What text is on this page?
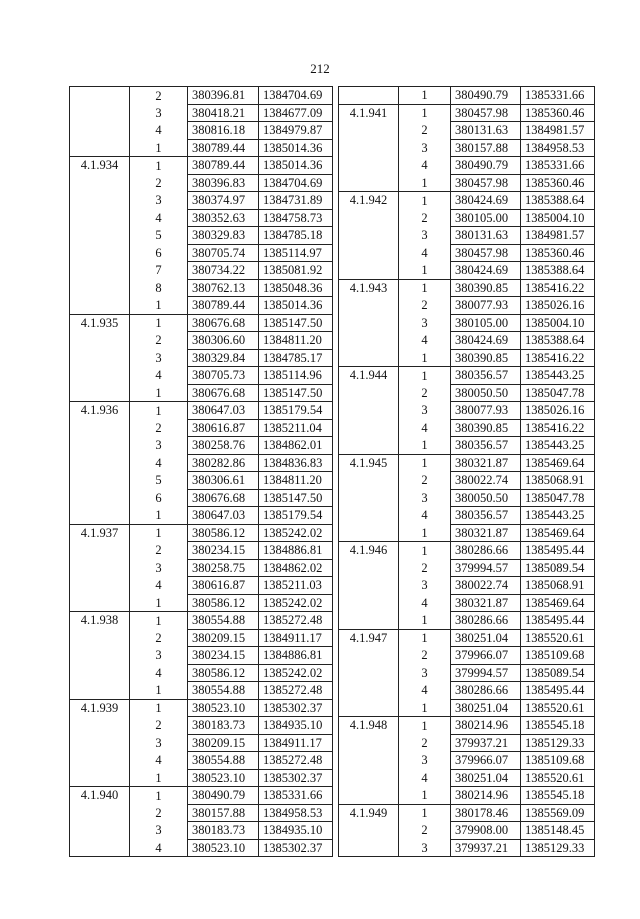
212
	2	380396.81	1384704.69
	3	380418.21	1384677.09
	4	380816.18	1384979.87
	1	380789.44	1385014.36
4.1.934	1	380789.44	1385014.36
	2	380396.83	1384704.69
	3	380374.97	1384731.89
	4	380352.63	1384758.73
	5	380329.83	1384785.18
	6	380705.74	1385114.97
	7	380734.22	1385081.92
	8	380762.13	1385048.36
	1	380789.44	1385014.36
4.1.935	1	380676.68	1385147.50
	2	380306.60	1384811.20
	3	380329.84	1384785.17
	4	380705.73	1385114.96
	1	380676.68	1385147.50
4.1.936	1	380647.03	1385179.54
	2	380616.87	1385211.04
	3	380258.76	1384862.01
	4	380282.86	1384836.83
	5	380306.61	1384811.20
	6	380676.68	1385147.50
	1	380647.03	1385179.54
4.1.937	1	380586.12	1385242.02
	2	380234.15	1384886.81
	3	380258.75	1384862.02
	4	380616.87	1385211.03
	1	380586.12	1385242.02
4.1.938	1	380554.88	1385272.48
	2	380209.15	1384911.17
	3	380234.15	1384886.81
	4	380586.12	1385242.02
	1	380554.88	1385272.48
4.1.939	1	380523.10	1385302.37
	2	380183.73	1384935.10
	3	380209.15	1384911.17
	4	380554.88	1385272.48
	1	380523.10	1385302.37
4.1.940	1	380490.79	1385331.66
	2	380157.88	1384958.53
	3	380183.73	1384935.10
	4	380523.10	1385302.37
	1	380490.79	1385331.66
4.1.941	1	380457.98	1385360.46
	2	380131.63	1384981.57
	3	380157.88	1384958.53
	4	380490.79	1385331.66
	1	380457.98	1385360.46
4.1.942	1	380424.69	1385388.64
	2	380105.00	1385004.10
	3	380131.63	1384981.57
	4	380457.98	1385360.46
	1	380424.69	1385388.64
4.1.943	1	380390.85	1385416.22
	2	380077.93	1385026.16
	3	380105.00	1385004.10
	4	380424.69	1385388.64
	1	380390.85	1385416.22
4.1.944	1	380356.57	1385443.25
	2	380050.50	1385047.78
	3	380077.93	1385026.16
	4	380390.85	1385416.22
	1	380356.57	1385443.25
4.1.945	1	380321.87	1385469.64
	2	380022.74	1385068.91
	3	380050.50	1385047.78
	4	380356.57	1385443.25
	1	380321.87	1385469.64
4.1.946	1	380286.66	1385495.44
	2	379994.57	1385089.54
	3	380022.74	1385068.91
	4	380321.87	1385469.64
	1	380286.66	1385495.44
4.1.947	1	380251.04	1385520.61
	2	379966.07	1385109.68
	3	379994.57	1385089.54
	4	380286.66	1385495.44
	1	380251.04	1385520.61
4.1.948	1	380214.96	1385545.18
	2	379937.21	1385129.33
	3	379966.07	1385109.68
	4	380251.04	1385520.61
	1	380214.96	1385545.18
4.1.949	1	380178.46	1385569.09
	2	379908.00	1385148.45
	3	379937.21	1385129.33
